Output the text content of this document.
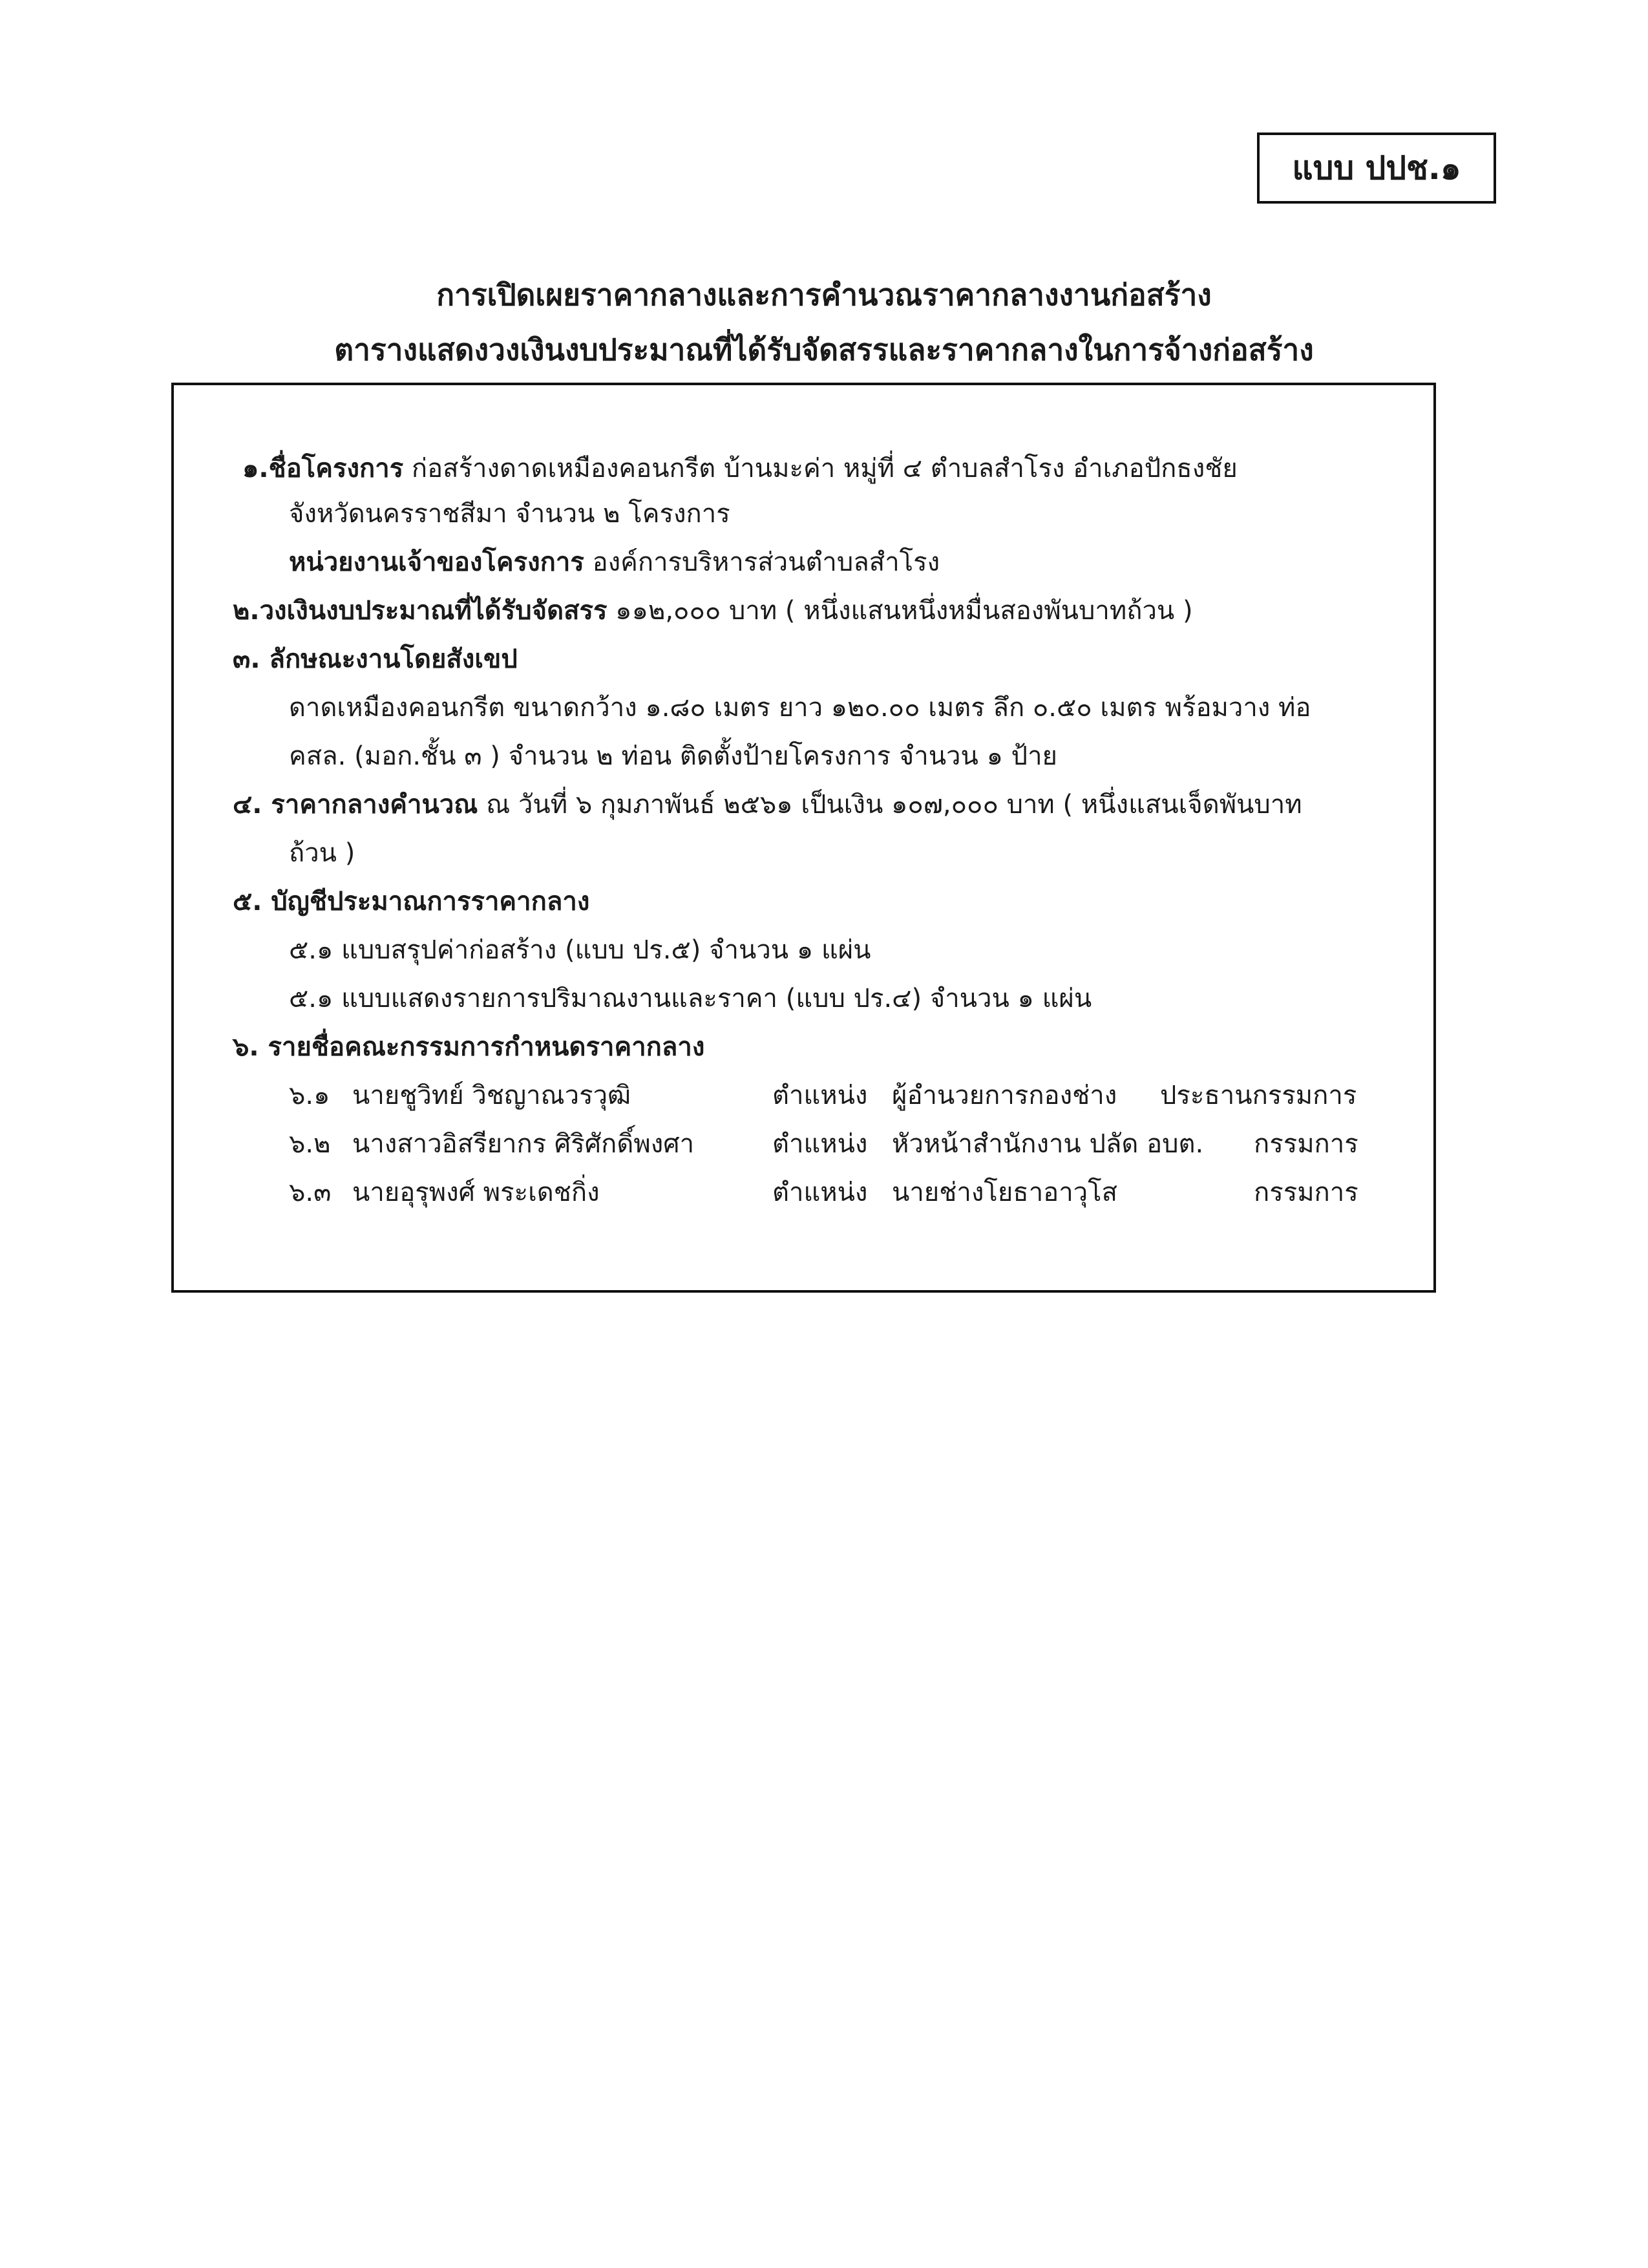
แบบ ปปช.๑
การเปิดเผยราคากลางและการคำนวณราคากลางงานก่อสร้าง
ตารางแสดงวงเงินงบประมาณที่ได้รับจัดสรรและราคากลางในการจ้างก่อสร้าง
๑.ชื่อโครงการ ก่อสร้างดาดเหมืองคอนกรีต บ้านมะค่า หมู่ที่ ๔ ตำบลสำโรง อำเภอปักธงชัย
จังหวัดนครราชสีมา จำนวน ๒ โครงการ
หน่วยงานเจ้าของโครงการ องค์การบริหารส่วนตำบลสำโรง
๒.วงเงินงบประมาณที่ได้รับจัดสรร ๑๑๒,๐๐๐ บาท ( หนึ่งแสนหนึ่งหมื่นสองพันบาทถ้วน )
๓. ลักษณะงานโดยสังเขป
ดาดเหมืองคอนกรีต ขนาดกว้าง ๑.๘๐ เมตร ยาว ๑๒๐.๐๐ เมตร ลึก ๐.๕๐ เมตร พร้อมวาง ท่อ
คสล. (มอก.ชั้น ๓ ) จำนวน ๒ ท่อน ติดตั้งป้ายโครงการ จำนวน ๑ ป้าย
๔. ราคากลางคำนวณ ณ วันที่ ๖ กุมภาพันธ์ ๒๕๖๑ เป็นเงิน ๑๐๗,๐๐๐ บาท ( หนึ่งแสนเจ็ดพันบาท
ถ้วน )
๕. บัญชีประมาณการราคากลาง
๕.๑ แบบสรุปค่าก่อสร้าง (แบบ ปร.๕) จำนวน ๑ แผ่น
๕.๑ แบบแสดงรายการปริมาณงานและราคา (แบบ ปร.๔) จำนวน ๑ แผ่น
๖. รายชื่อคณะกรรมการกำหนดราคากลาง
๖.๑ นายชูวิทย์ วิชญาณวรวุฒิ	ตำแหน่ง ผู้อำนวยการกองช่าง ประธานกรรมการ
๖.๒ นางสาวอิสรียากร ศิริศักดิ์พงศา	ตำแหน่ง หัวหน้าสำนักงาน ปลัด อบต. กรรมการ
๖.๓ นายอุรุพงศ์ พระเดชกิ่ง	ตำแหน่ง นายช่างโยธาอาวุโส	กรรมการ
